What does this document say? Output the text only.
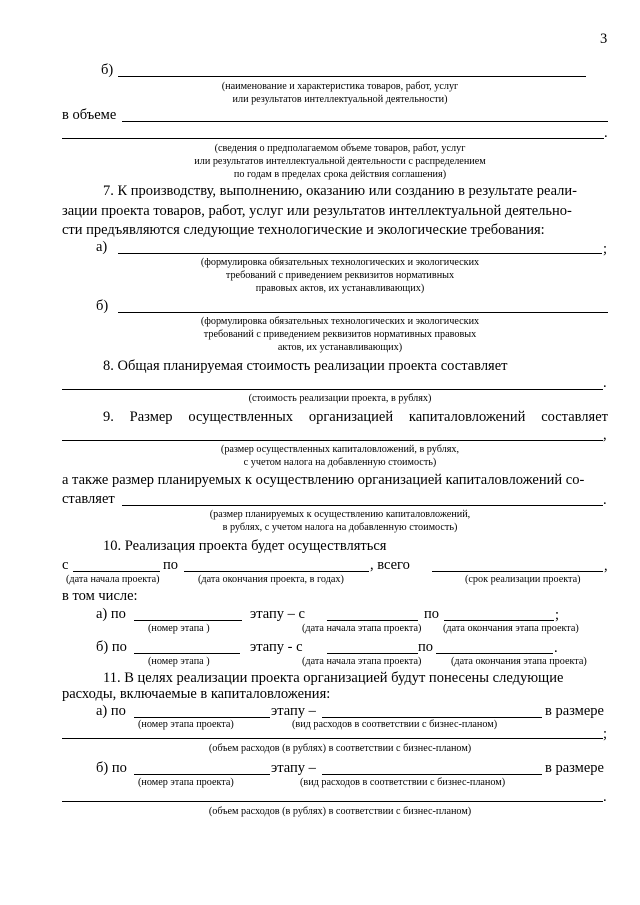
3
б)
(наименование и характеристика товаров, работ, услуг
или результатов интеллектуальной деятельности)
в объеме
.
(сведения о предполагаемом объеме товаров, работ, услуг
или результатов интеллектуальной деятельности с распределением
по годам в пределах срока действия соглашения)
7. К производству, выполнению, оказанию или созданию в результате реали-
зации проекта товаров, работ, услуг или результатов интеллектуальной деятельно-
сти предъявляются следующие технологические и экологические требования:
а)	;
(формулировка обязательных технологических и экологических
требований с приведением реквизитов нормативных
правовых актов, их устанавливающих)
б)
(формулировка обязательных технологических и экологических
требований с приведением реквизитов нормативных правовых
актов, их устанавливающих)
8. Общая планируемая стоимость реализации проекта составляет
.
(стоимость реализации проекта, в рублях)
9. Размер осуществленных организацией капиталовложений составляет
,
(размер осуществленных капиталовложений, в рублях,
с учетом налога на добавленную стоимость)
а также размер планируемых к осуществлению организацией капиталовложений со-
ставляет	.
(размер планируемых к осуществлению капиталовложений,
в рублях, с учетом налога на добавленную стоимость)
10. Реализация проекта будет осуществляться
с	по	, всего	,
(дата начала проекта)	(дата окончания проекта, в годах)	(срок реализации проекта)
в том числе:
а) по	этапу – с	по	;
(номер этапа )	(дата начала этапа проекта) (дата окончания этапа проекта)
б) по	этапу - с	по	.
(номер этапа )	(дата начала этапа проекта)	(дата окончания этапа проекта)
11. В целях реализации проекта организацией будут понесены следующие
расходы, включаемые в капиталовложения:
а) по	этапу –	в размере
(номер этапа проекта)	(вид расходов в соответствии с бизнес-планом)
;
(объем расходов (в рублях) в соответствии с бизнес-планом)
б) по	этапу –	в размере
(номер этапа проекта)	(вид расходов в соответствии с бизнес-планом)
.
(объем расходов (в рублях) в соответствии с бизнес-планом)
